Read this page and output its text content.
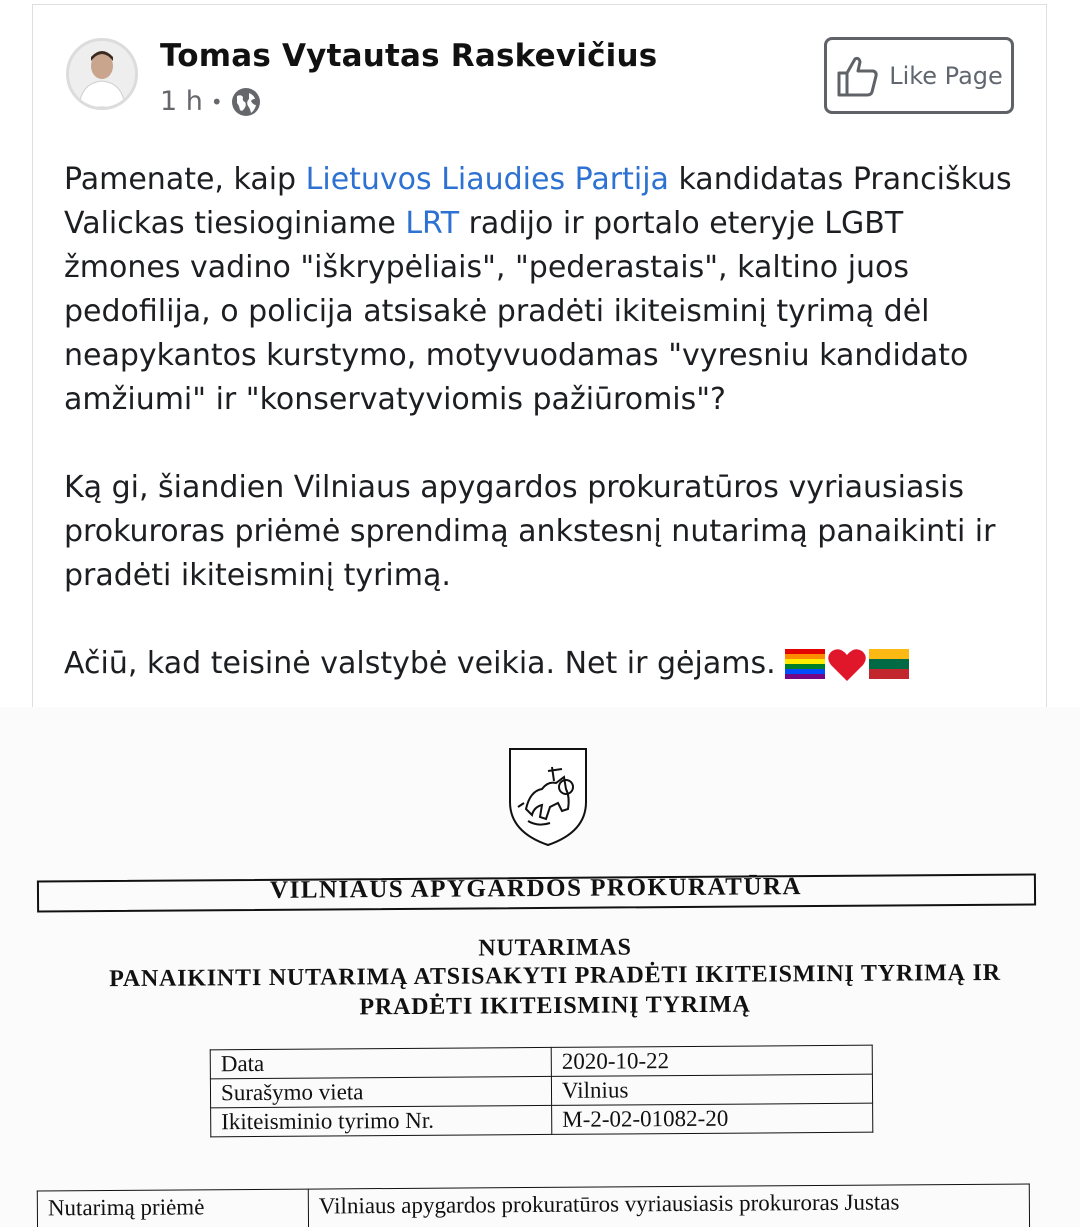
Tomas Vytautas Raskevičius
1 h •
Like Page

Pamenate, kaip Lietuvos Liaudies Partija kandidatas Pranciškus Valickas tiesioginiame LRT radijo ir portalo eteryje LGBT žmones vadino "iškrypėliais", "pederastais", kaltino juos pedofilija, o policija atsisakė pradėti ikiteisminį tyrimą dėl neapykantos kurstymo, motyvuodamas "vyresniu kandidato amžiumi" ir "konservatyviomis pažiūromis"?

Ką gi, šiandien Vilniaus apygardos prokuratūros vyriausiasis prokuroras priėmė sprendimą ankstesnį nutarimą panaikinti ir pradėti ikiteisminį tyrimą.

Ačiū, kad teisinė valstybė veikia. Net ir gėjams.

VILNIAUS APYGARDOS PROKURATŪRA
NUTARIMAS
PANAIKINTI NUTARIMĄ ATSISAKYTI PRADĖTI IKITEISMINĮ TYRIMĄ IR
PRADĖTI IKITEISMINĮ TYRIMĄ
Data	2020-10-22
Surašymo vieta	Vilnius
Ikiteisminio tyrimo Nr.	M-2-02-01082-20
Nutarimą priėmė	Vilniaus apygardos prokuratūros vyriausiasis prokuroras Justas
